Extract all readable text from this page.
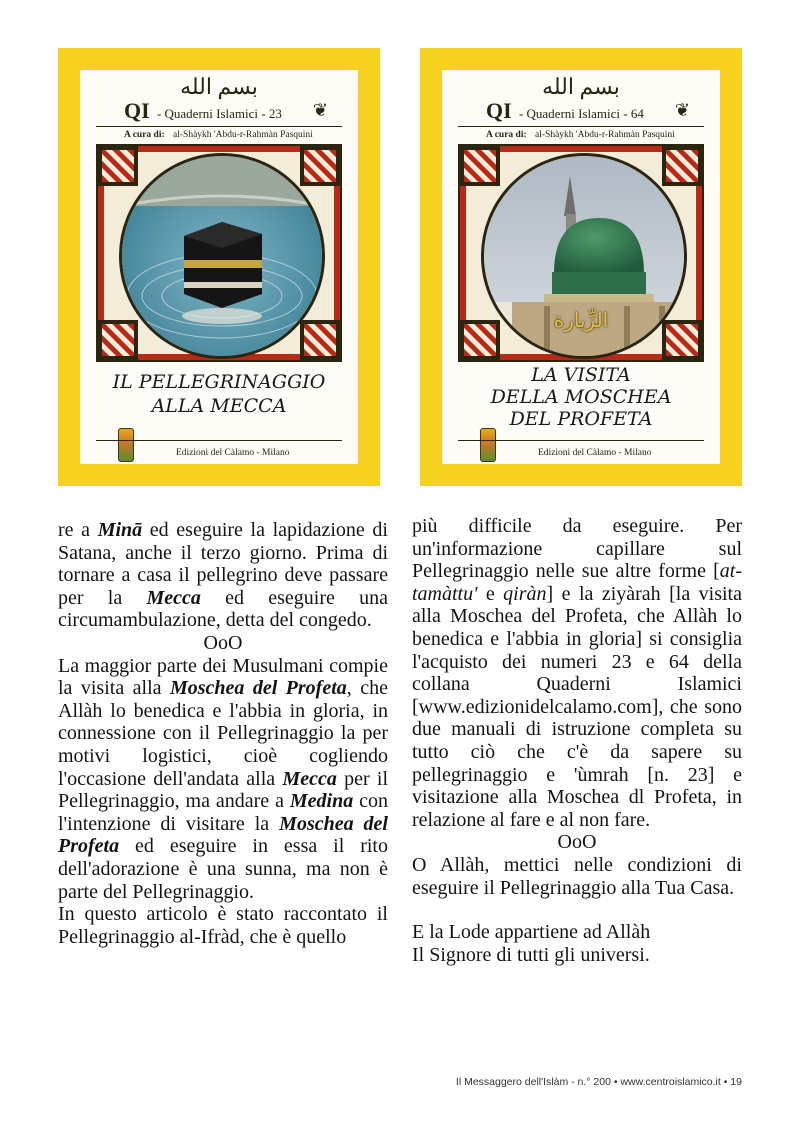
بسم الله
QI - Quaderni Islamici - 23 ❦
A cura di: al-Shàykh 'Abdu-r-Rahmàn Pasquini
IL PELLEGRINAGGIO
ALLA MECCA
Edizioni del Càlamo - Milano
بسم الله
QI - Quaderni Islamici - 64 ❦
A cura di: al-Shàykh 'Abdu-r-Rahmàn Pasquini
الزِّيارة
LA VISITA
DELLA MOSCHEA
DEL PROFETA
Edizioni del Càlamo - Milano

re a Minā ed eseguire la lapidazione di Satana, anche il terzo giorno. Prima di tornare a casa il pellegrino deve passare per la Mecca ed eseguire una circumambulazione, detta del congedo.

OoO

La maggior parte dei Musulmani compie la visita alla Moschea del Profeta, che Allàh lo benedica e l'abbia in gloria, in connessione con il Pellegrinaggio la per motivi logistici, cioè cogliendo l'occasione dell'andata alla Mecca per il Pellegrinaggio, ma andare a Medina con l'intenzione di visitare la Moschea del Profeta ed eseguire in essa il rito dell'adorazione è una sunna, ma non è parte del Pellegrinaggio.

In questo articolo è stato raccontato il Pellegrinaggio al-Ifràd, che è quello

più difficile da eseguire. Per un'informazione capillare sul Pellegrinaggio nelle sue altre forme [at-tamàttu' e qiràn] e la ziyàrah [la visita alla Moschea del Profeta, che Allàh lo benedica e l'abbia in gloria] si consiglia l'acquisto dei numeri 23 e 64 della collana Quaderni Islamici [www.edizionidelcalamo.com], che sono due manuali di istruzione completa su tutto ciò che c'è da sapere su pellegrinaggio e 'ùmrah [n. 23] e visitazione alla Moschea dl Profeta, in relazione al fare e al non fare.

OoO

O Allàh, mettici nelle condizioni di eseguire il Pellegrinaggio alla Tua Casa.

E la Lode appartiene ad Allàh

Il Signore di tutti gli universi.

Il Messaggero dell'Islàm - n.° 200 • www.centroislamico.it • 19
